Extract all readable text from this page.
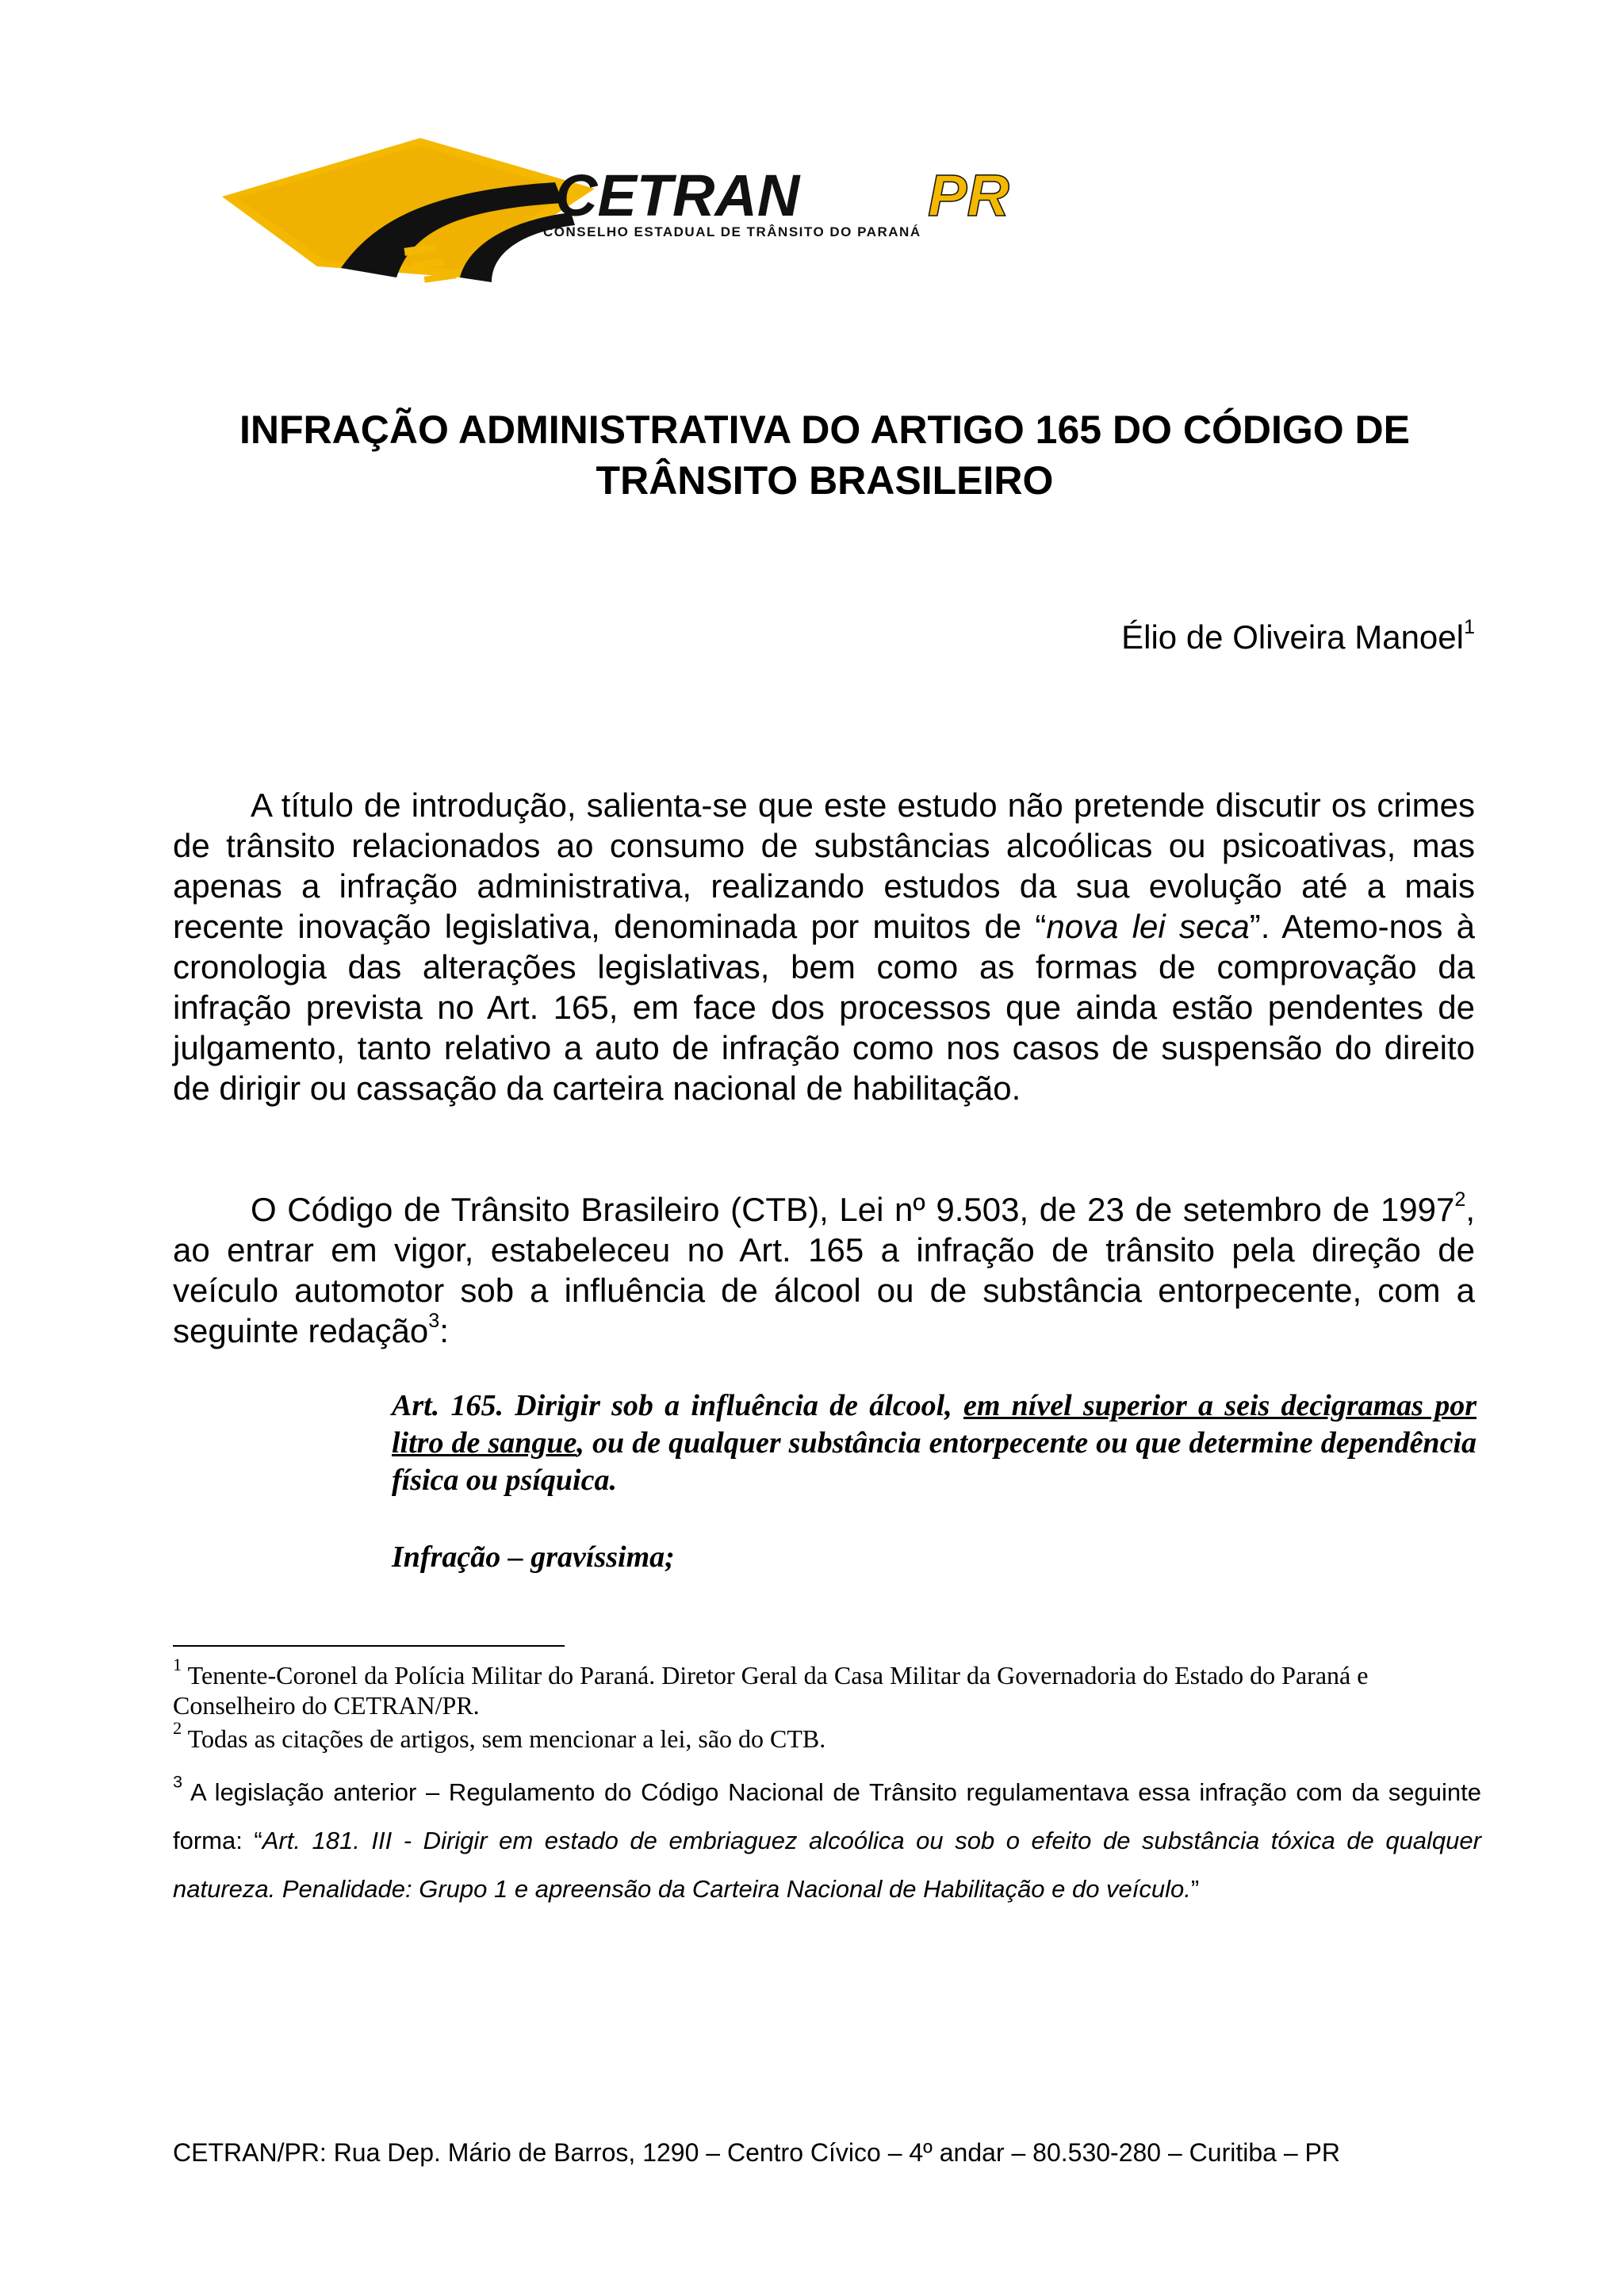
CETRAN PR
CONSELHO ESTADUAL DE TRÂNSITO DO PARANÁ
INFRAÇÃO ADMINISTRATIVA DO ARTIGO 165 DO CÓDIGO DE
TRÂNSITO BRASILEIRO
Élio de Oliveira Manoel$^1$

A título de introdução, salienta-se que este estudo não pretende discutir os crimes de trânsito relacionados ao consumo de substâncias alcoólicas ou psicoativas, mas apenas a infração administrativa, realizando estudos da sua evolução até a mais recente inovação legislativa, denominada por muitos de “nova lei seca”. Atemo-nos à cronologia das alterações legislativas, bem como as formas de comprovação da infração prevista no Art. 165, em face dos processos que ainda estão pendentes de julgamento, tanto relativo a auto de infração como nos casos de suspensão do direito de dirigir ou cassação da carteira nacional de habilitação.

O Código de Trânsito Brasileiro (CTB), Lei nº 9.503, de 23 de setembro de 1997$^2$, ao entrar em vigor, estabeleceu no Art. 165 a infração de trânsito pela direção de veículo automotor sob a influência de álcool ou de substância entorpecente, com a seguinte redação$^3$:

Art. 165. Dirigir sob a influência de álcool, em nível superior a seis decigramas por litro de sangue, ou de qualquer substância entorpecente ou que determine dependência física ou psíquica.

Infração – gravíssima;

$^1$ Tenente-Coronel da Polícia Militar do Paraná. Diretor Geral da Casa Militar da Governadoria do Estado do Paraná e Conselheiro do CETRAN/PR.

$^2$ Todas as citações de artigos, sem mencionar a lei, são do CTB.

$^3$ A legislação anterior – Regulamento do Código Nacional de Trânsito regulamentava essa infração com da seguinte forma: “Art. 181. III - Dirigir em estado de embriaguez alcoólica ou sob o efeito de substância tóxica de qualquer natureza. Penalidade: Grupo 1 e apreensão da Carteira Nacional de Habilitação e do veículo.”

CETRAN/PR: Rua Dep. Mário de Barros, 1290 – Centro Cívico – 4º andar – 80.530-280 – Curitiba – PR
